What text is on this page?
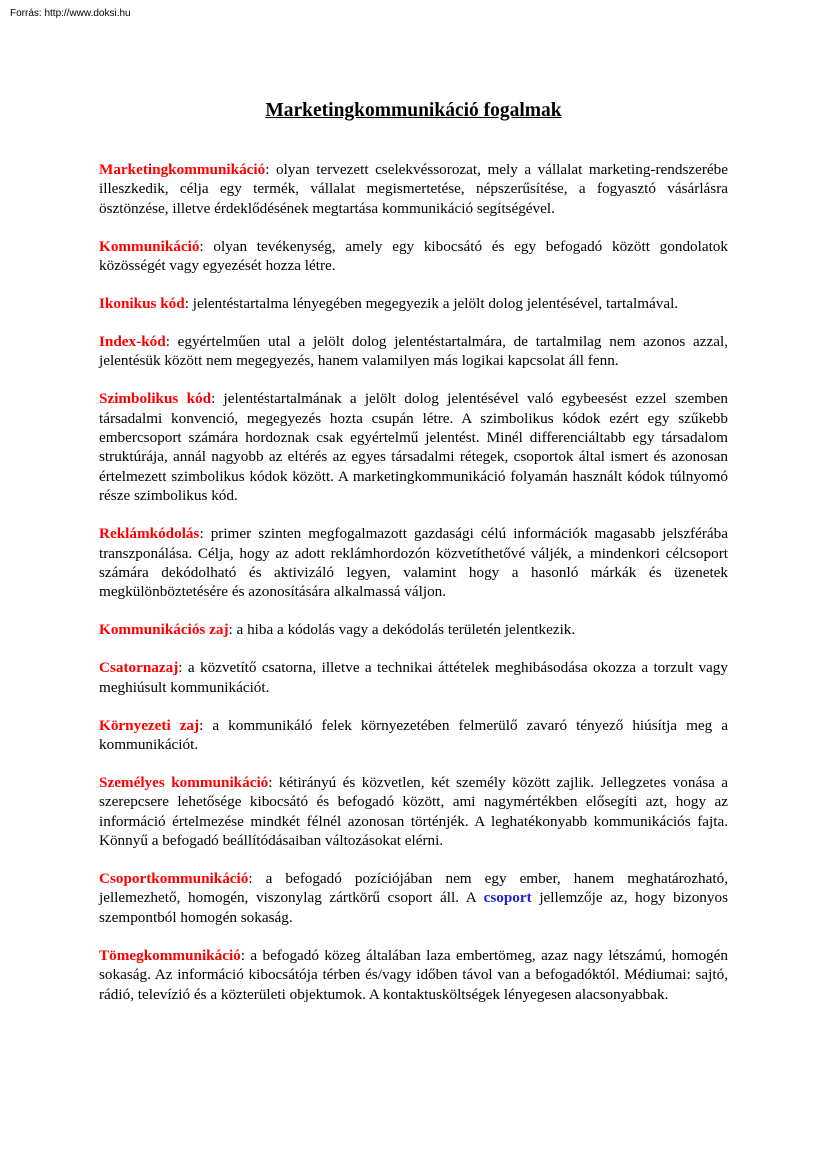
Forrás: http://www.doksi.hu
Marketingkommunikáció fogalmak

Marketingkommunikáció: olyan tervezett cselekvéssorozat, mely a vállalat marketing-rendszerébe illeszkedik, célja egy termék, vállalat megismertetése, népszerűsítése, a fogyasztó vásárlásra ösztönzése, illetve érdeklődésének megtartása kommunikáció segítségével.

Kommunikáció: olyan tevékenység, amely egy kibocsátó és egy befogadó között gondolatok közösségét vagy egyezését hozza létre.

Ikonikus kód: jelentéstartalma lényegében megegyezik a jelölt dolog jelentésével, tartalmával.

Index-kód: egyértelműen utal a jelölt dolog jelentéstartalmára, de tartalmilag nem azonos azzal, jelentésük között nem megegyezés, hanem valamilyen más logikai kapcsolat áll fenn.

Szimbolikus kód: jelentéstartalmának a jelölt dolog jelentésével való egybeesést ezzel szemben társadalmi konvenció, megegyezés hozta csupán létre. A szimbolikus kódok ezért egy szűkebb embercsoport számára hordoznak csak egyértelmű jelentést. Minél differenciáltabb egy társadalom struktúrája, annál nagyobb az eltérés az egyes társadalmi rétegek, csoportok által ismert és azonosan értelmezett szimbolikus kódok között. A marketingkommunikáció folyamán használt kódok túlnyomó része szimbolikus kód.

Reklámkódolás: primer szinten megfogalmazott gazdasági célú információk magasabb jelszférába transzponálása. Célja, hogy az adott reklámhordozón közvetíthetővé váljék, a mindenkori célcsoport számára dekódolható és aktivizáló legyen, valamint hogy a hasonló márkák és üzenetek megkülönböztetésére és azonosítására alkalmassá váljon.

Kommunikációs zaj: a hiba a kódolás vagy a dekódolás területén jelentkezik.

Csatornazaj: a közvetítő csatorna, illetve a technikai áttételek meghibásodása okozza a torzult vagy meghiúsult kommunikációt.

Környezeti zaj: a kommunikáló felek környezetében felmerülő zavaró tényező hiúsítja meg a kommunikációt.

Személyes kommunikáció: kétirányú és közvetlen, két személy között zajlik. Jellegzetes vonása a szerepcsere lehetősége kibocsátó és befogadó között, ami nagymértékben elősegíti azt, hogy az információ értelmezése mindkét félnél azonosan történjék. A leghatékonyabb kommunikációs fajta. Könnyű a befogadó beállítódásaiban változásokat elérni.

Csoportkommunikáció: a befogadó pozíciójában nem egy ember, hanem meghatározható, jellemezhető, homogén, viszonylag zártkörű csoport áll. A csoport jellemzője az, hogy bizonyos szempontból homogén sokaság.

Tömegkommunikáció: a befogadó közeg általában laza embertömeg, azaz nagy létszámú, homogén sokaság. Az információ kibocsátója térben és/vagy időben távol van a befogadóktól. Médiumai: sajtó, rádió, televízió és a közterületi objektumok. A kontaktusköltségek lényegesen alacsonyabbak.
